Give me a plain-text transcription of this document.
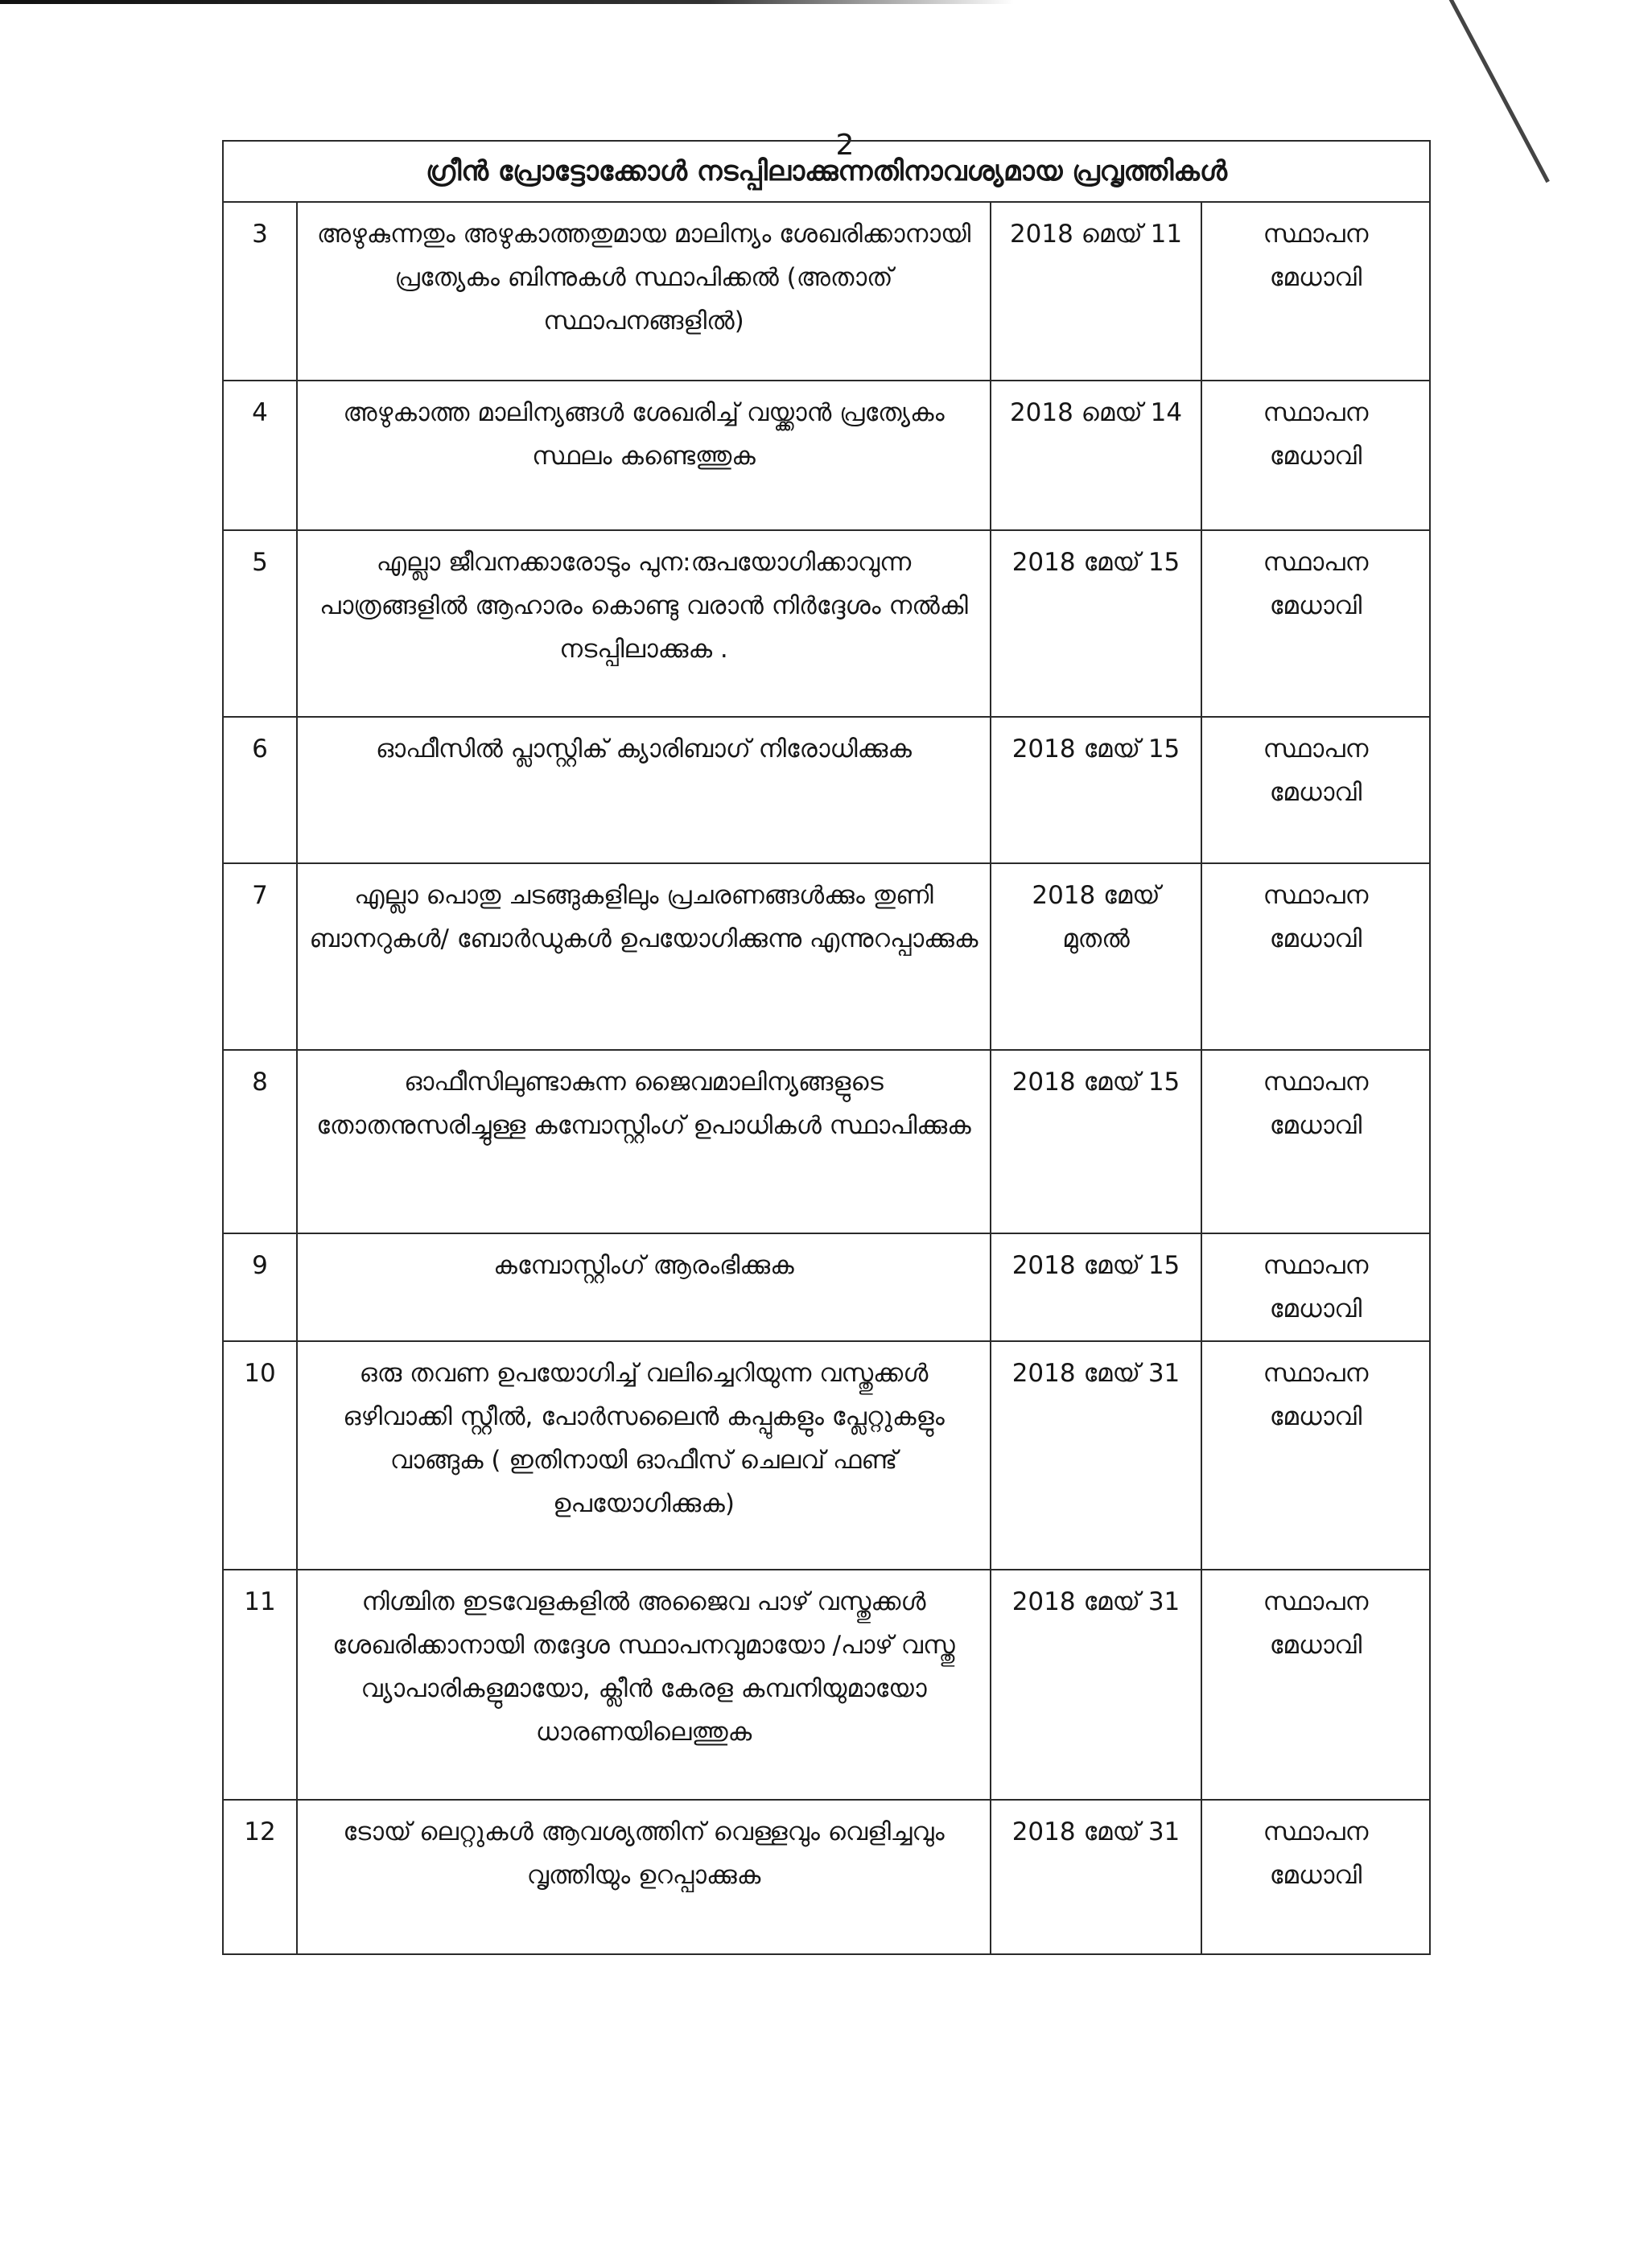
2
ഗ്രീൻ പ്രോട്ടോക്കോൾ നടപ്പിലാക്കുന്നതിനാവശ്യമായ പ്രവൃത്തികൾ			
3	അഴുകുന്നതും അഴുകാത്തതുമായ മാലിന്യം ശേഖരിക്കാനായി പ്രത്യേകം ബിന്നുകൾ സ്ഥാപിക്കൽ (അതാത് സ്ഥാപനങ്ങളിൽ)	2018 മെയ് 11	സ്ഥാപന
മേധാവി

4	അഴുകാത്ത മാലിന്യങ്ങൾ ശേഖരിച്ച് വയ്ക്കാൻ പ്രത്യേകം സ്ഥലം കണ്ടെത്തുക	2018 മെയ് 14	സ്ഥാപന
മേധാവി

5	എല്ലാ ജീവനക്കാരോടും പുന:രുപയോഗിക്കാവുന്ന പാത്രങ്ങളിൽ ആഹാരം കൊണ്ടു വരാൻ നിർദ്ദേശം നൽകി നടപ്പിലാക്കുക .	2018 മേയ് 15	സ്ഥാപന
മേധാവി

6	ഓഫീസിൽ പ്ലാസ്റ്റിക് ക്യാരിബാഗ് നിരോധിക്കുക	2018 മേയ് 15	സ്ഥാപന
മേധാവി

7	എല്ലാ പൊതു ചടങ്ങുകളിലും പ്രചരണങ്ങൾക്കും തുണി ബാനറുകൾ/ ബോർഡുകൾ ഉപയോഗിക്കുന്നു എന്നുറപ്പാക്കുക	2018 മേയ് മുതൽ	സ്ഥാപന
മേധാവി

8	ഓഫീസിലുണ്ടാകുന്ന ജൈവമാലിന്യങ്ങളുടെ തോതനുസരിച്ചുള്ള കമ്പോസ്റ്റിംഗ് ഉപാധികൾ സ്ഥാപിക്കുക	2018 മേയ് 15	സ്ഥാപന
മേധാവി

9	കമ്പോസ്റ്റിംഗ് ആരംഭിക്കുക	2018 മേയ് 15	സ്ഥാപന
മേധാവി

10	ഒരു തവണ ഉപയോഗിച്ച് വലിച്ചെറിയുന്ന വസ്തുക്കൾ ഒഴിവാക്കി സ്റ്റീൽ, പോർസലൈൻ കപ്പുകളും പ്ലേറ്റുകളും വാങ്ങുക ( ഇതിനായി ഓഫീസ് ചെലവ് ഫണ്ട് ഉപയോഗിക്കുക)	2018 മേയ് 31	സ്ഥാപന
മേധാവി

11	നിശ്ചിത ഇടവേളകളിൽ അജൈവ പാഴ് വസ്തുക്കൾ ശേഖരിക്കാനായി തദ്ദേശ സ്ഥാപനവുമായോ /പാഴ് വസ്തു വ്യാപാരികളുമായോ, ക്ലീൻ കേരള കമ്പനിയുമായോ ധാരണയിലെത്തുക	2018 മേയ് 31	സ്ഥാപന
മേധാവി

12	ടോയ് ലെറ്റുകൾ ആവശ്യത്തിന് വെള്ളവും വെളിച്ചവും വൃത്തിയും ഉറപ്പാക്കുക	2018 മേയ് 31	സ്ഥാപന
മേധാവി
